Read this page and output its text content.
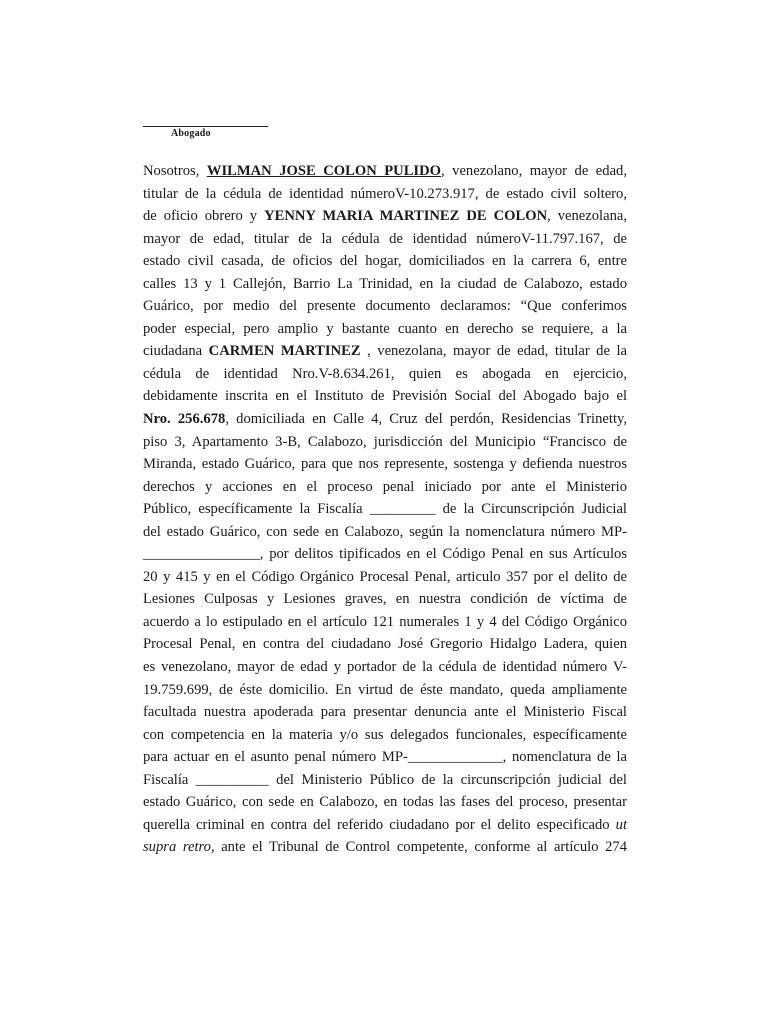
Abogado
Nosotros, WILMAN JOSE COLON PULIDO, venezolano, mayor de edad,
titular de la cédula de identidad númeroV-10.273.917, de estado civil soltero,
de oficio obrero y YENNY MARIA MARTINEZ DE COLON, venezolana,
mayor de edad, titular de la cédula de identidad númeroV-11.797.167, de
estado civil casada, de oficios del hogar, domiciliados en la carrera 6, entre
calles 13 y 1 Callejón, Barrio La Trinidad, en la ciudad de Calabozo, estado
Guárico, por medio del presente documento declaramos: “Que conferimos
poder especial, pero amplio y bastante cuanto en derecho se requiere, a la
ciudadana CARMEN MARTINEZ , venezolana, mayor de edad, titular de la
cédula de identidad Nro.V-8.634.261, quien es abogada en ejercicio,
debidamente inscrita en el Instituto de Previsión Social del Abogado bajo el
Nro. 256.678, domiciliada en Calle 4, Cruz del perdón, Residencias Trinetty,
piso 3, Apartamento 3-B, Calabozo, jurisdicción del Municipio “Francisco de
Miranda, estado Guárico, para que nos represente, sostenga y defienda nuestros
derechos y acciones en el proceso penal iniciado por ante el Ministerio
Público, específicamente la Fiscalía _________ de la Circunscripción Judicial
del estado Guárico, con sede en Calabozo, según la nomenclatura número MP-
________________, por delitos tipificados en el Código Penal en sus Artículos
20 y 415 y en el Código Orgánico Procesal Penal, articulo 357 por el delito de
Lesiones Culposas y Lesiones graves, en nuestra condición de víctima de
acuerdo a lo estipulado en el artículo 121 numerales 1 y 4 del Código Orgánico
Procesal Penal, en contra del ciudadano José Gregorio Hidalgo Ladera, quien
es venezolano, mayor de edad y portador de la cédula de identidad número V-
19.759.699, de éste domicilio. En virtud de éste mandato, queda ampliamente
facultada nuestra apoderada para presentar denuncia ante el Ministerio Fiscal
con competencia en la materia y/o sus delegados funcionales, específicamente
para actuar en el asunto penal número MP-_____________, nomenclatura de la
Fiscalía __________ del Ministerio Público de la circunscripción judicial del
estado Guárico, con sede en Calabozo, en todas las fases del proceso, presentar
querella criminal en contra del referido ciudadano por el delito especificado ut
supra retro, ante el Tribunal de Control competente, conforme al artículo 274
